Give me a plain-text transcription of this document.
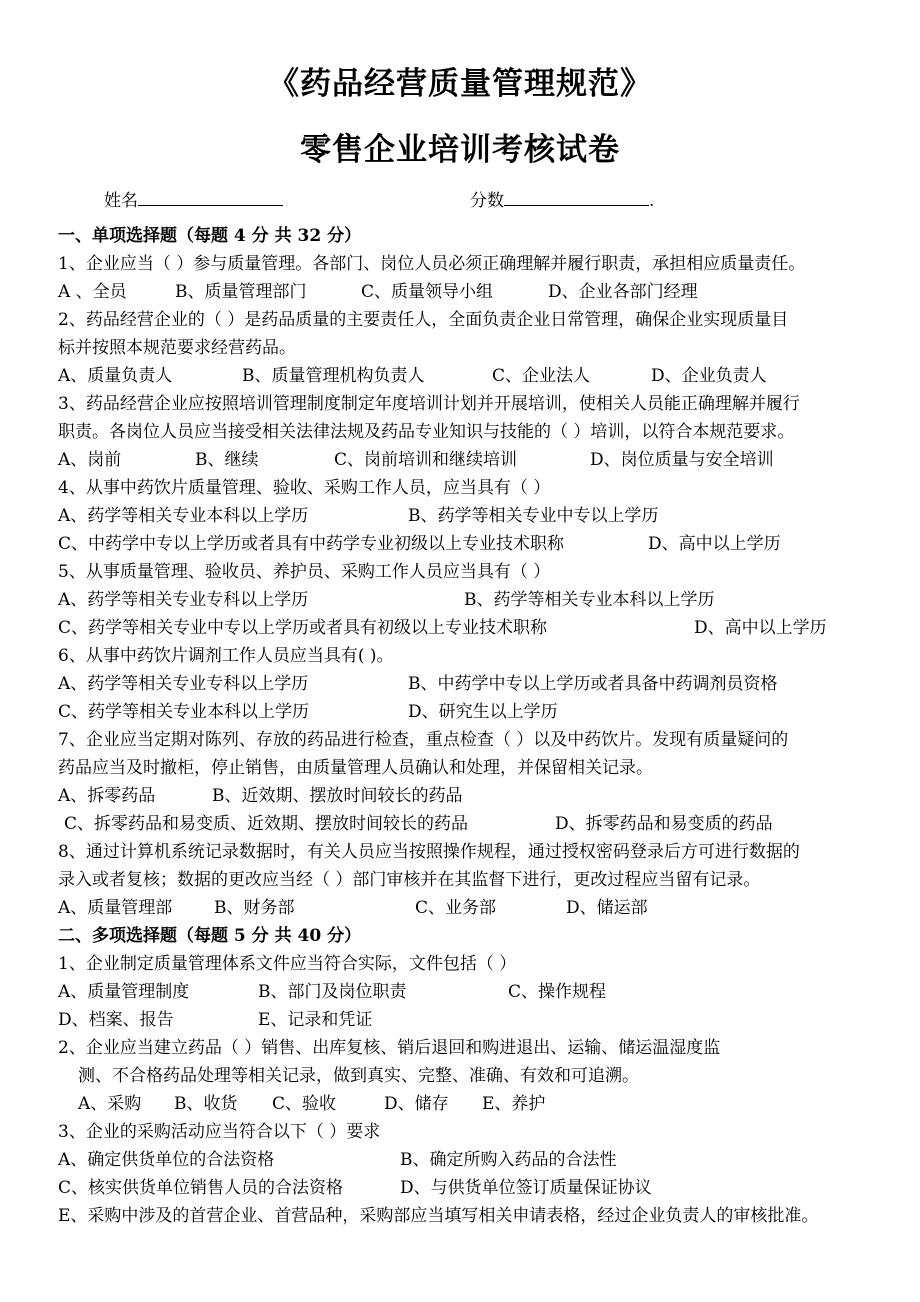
《药品经营质量管理规范》
零售企业培训考核试卷
姓名	分数	.
一、单项选择题（每题 4 分 共 32 分）
1、企业应当（ ）参与质量管理。各部门、岗位人员必须正确理解并履行职责，承担相应质量责任。
A 、全员	B、质量管理部门	C、质量领导小组	D、企业各部门经理
2、药品经营企业的（ ）是药品质量的主要责任人，全面负责企业日常管理，确保企业实现质量目
标并按照本规范要求经营药品。
A、质量负责人	B、质量管理机构负责人	C、企业法人	D、企业负责人
3、药品经营企业应按照培训管理制度制定年度培训计划并开展培训，使相关人员能正确理解并履行
职责。各岗位人员应当接受相关法律法规及药品专业知识与技能的（ ）培训，以符合本规范要求。
A、岗前	B、继续	C、岗前培训和继续培训	D、岗位质量与安全培训
4、从事中药饮片质量管理、验收、采购工作人员，应当具有（ ）
A、药学等相关专业本科以上学历	B、药学等相关专业中专以上学历
C、中药学中专以上学历或者具有中药学专业初级以上专业技术职称	D、高中以上学历
5、从事质量管理、验收员、养护员、采购工作人员应当具有（ ）
A、药学等相关专业专科以上学历	B、药学等相关专业本科以上学历
C、药学等相关专业中专以上学历或者具有初级以上专业技术职称	D、高中以上学历
6、从事中药饮片调剂工作人员应当具有( )。
A、药学等相关专业专科以上学历	B、中药学中专以上学历或者具备中药调剂员资格
C、药学等相关专业本科以上学历	D、研究生以上学历
7、企业应当定期对陈列、存放的药品进行检查，重点检查（ ）以及中药饮片。发现有质量疑问的
药品应当及时撤柜，停止销售，由质量管理人员确认和处理，并保留相关记录。
A、拆零药品	B、近效期、摆放时间较长的药品
C、拆零药品和易变质、近效期、摆放时间较长的药品	D、拆零药品和易变质的药品
8、通过计算机系统记录数据时，有关人员应当按照操作规程，通过授权密码登录后方可进行数据的
录入或者复核；数据的更改应当经（ ）部门审核并在其监督下进行，更改过程应当留有记录。
A、质量管理部 B、财务部	C、业务部	D、储运部
二、多项选择题（每题 5 分 共 40 分）
1、企业制定质量管理体系文件应当符合实际，文件包括（ ）
A、质量管理制度	B、部门及岗位职责	C、操作规程
D、档案、报告	E、记录和凭证
2、企业应当建立药品（ ）销售、出库复核、销后退回和购进退出、运输、储运温湿度监
测、不合格药品处理等相关记录，做到真实、完整、准确、有效和可追溯。
A、采购 B、收货 C、验收	D、储存 E、养护
3、企业的采购活动应当符合以下（ ）要求
A、确定供货单位的合法资格	B、确定所购入药品的合法性
C、核实供货单位销售人员的合法资格	D、与供货单位签订质量保证协议
E、采购中涉及的首营企业、首营品种，采购部应当填写相关申请表格，经过企业负责人的审核批准。
